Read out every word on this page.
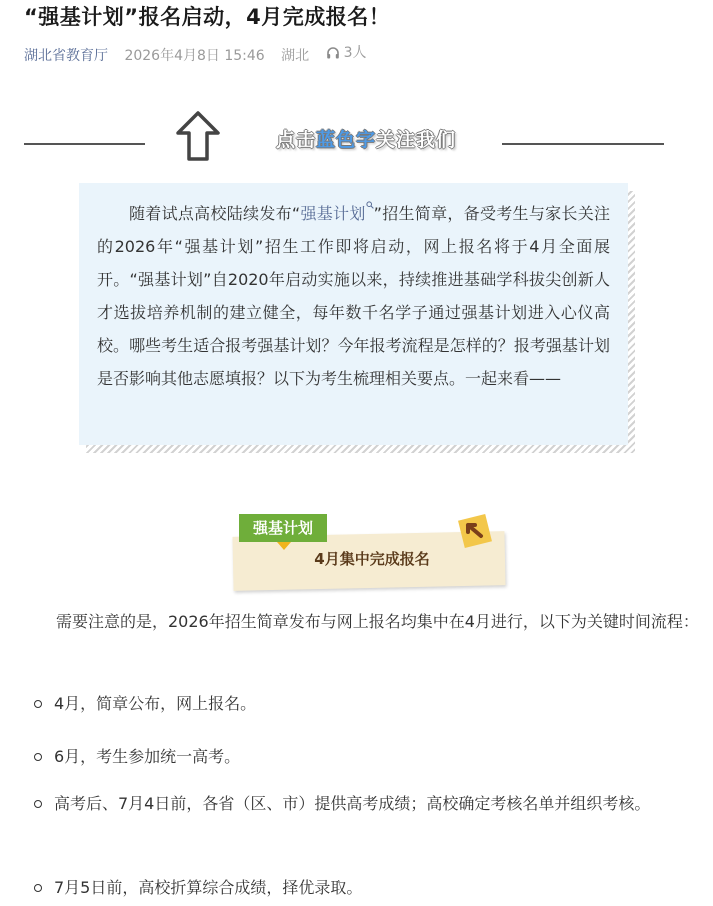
“强基计划”报名启动，4月完成报名！
湖北省教育厅 2026年4月8日 15:46 湖北 3人
点击蓝色字关注我们

随着试点高校陆续发布“强基计划 ”招生简章，备受考生与家长关注的2026年“强基计划”招生工作即将启动，网上报名将于4月全面展开。“强基计划”自2020年启动实施以来，持续推进基础学科拔尖创新人才选拔培养机制的建立健全，每年数千名学子通过强基计划进入心仪高校。哪些考生适合报考强基计划？今年报考流程是怎样的？报考强基计划是否影响其他志愿填报？以下为考生梳理相关要点。一起来看——

强基计划
4月集中完成报名

需要注意的是，2026年招生简章发布与网上报名均集中在4月进行，以下为关键时间流程：

4月，简章公布，网上报名。
6月，考生参加统一高考。
高考后、7月4日前，各省（区、市）提供高考成绩；高校确定考核名单并组织考核。
7月5日前，高校折算综合成绩，择优录取。
